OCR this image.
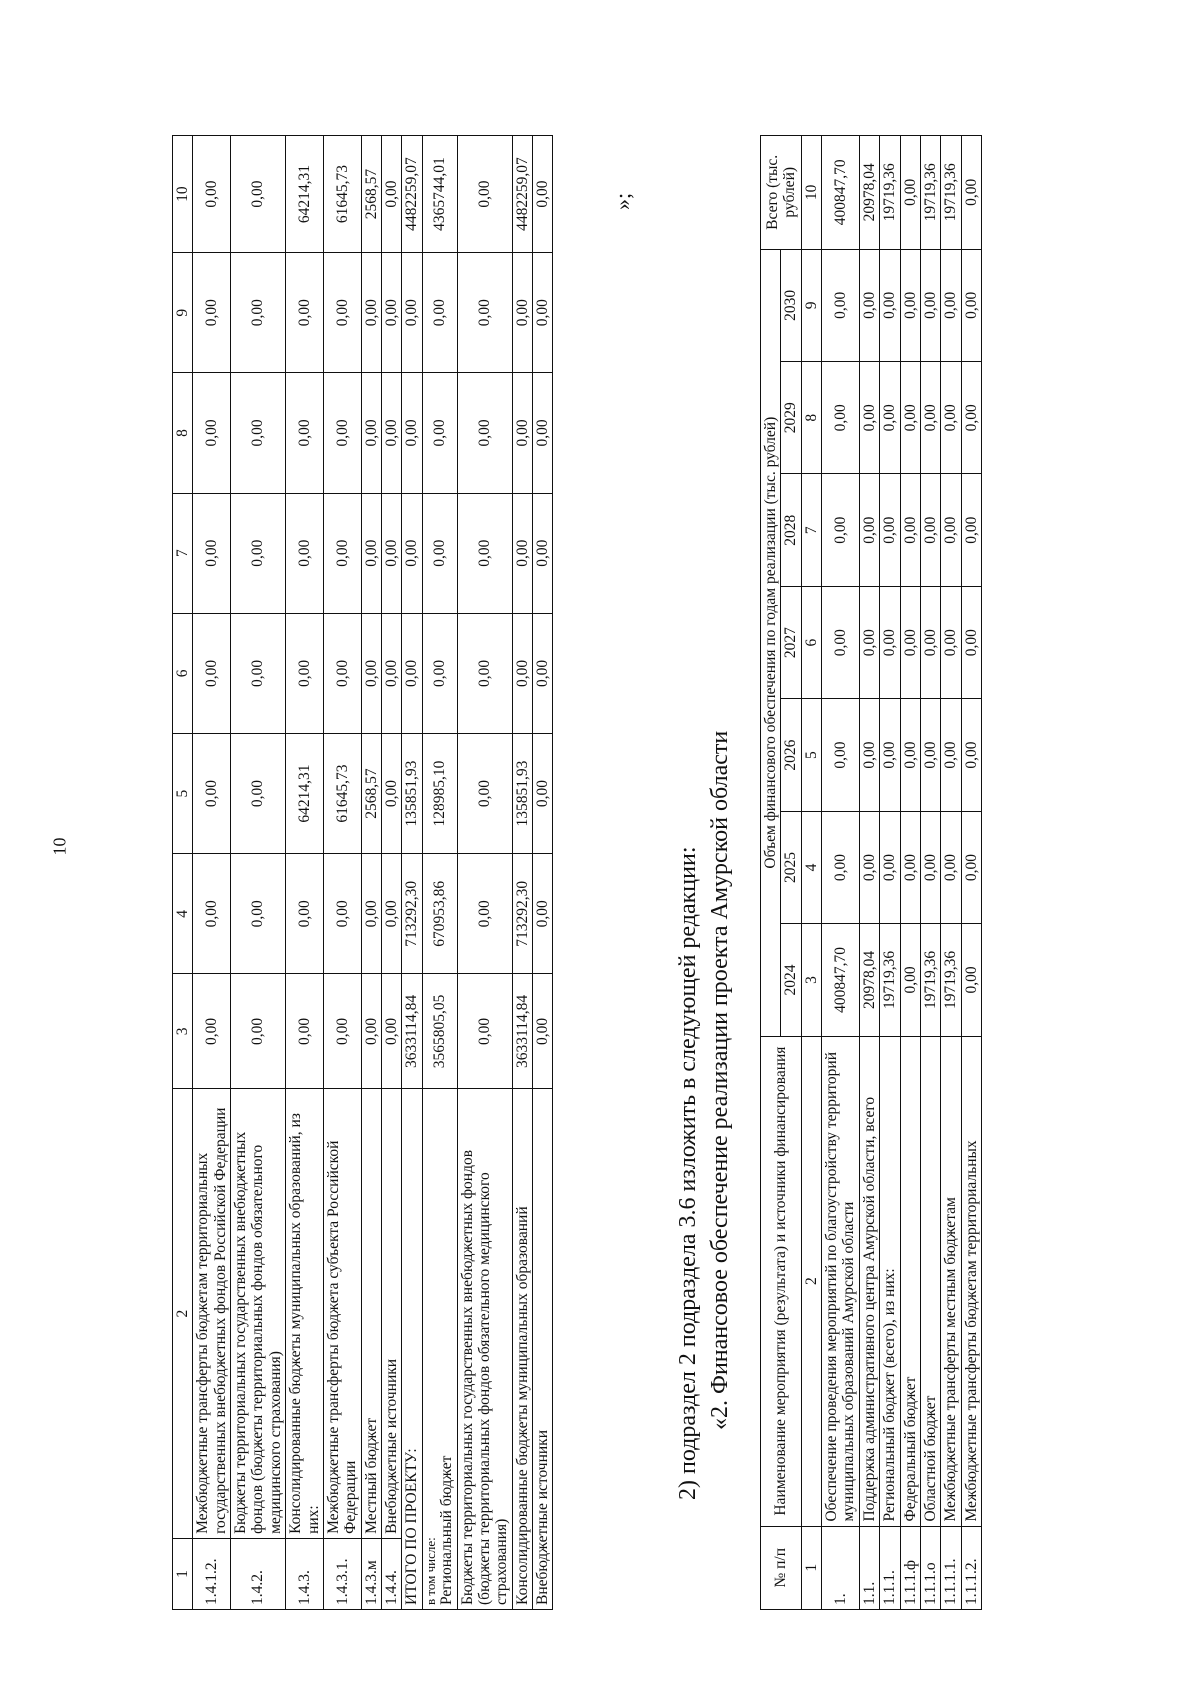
10
1	2	3	4	5	6	7	8	9	10
1.4.1.2.	Межбюджетные трансферты бюджетам территориальных государственных внебюджетных фондов Российской Федерации	0,00	0,00	0,00	0,00	0,00	0,00	0,00	0,00
1.4.2.	Бюджеты территориальных государственных внебюджетных фондов (бюджеты территориальных фондов обязательного медицинского страхования)	0,00	0,00	0,00	0,00	0,00	0,00	0,00	0,00
1.4.3.	Консолидированные бюджеты муниципальных образований, из них:	0,00	0,00	64214,31	0,00	0,00	0,00	0,00	64214,31
1.4.3.1.	Межбюджетные трансферты бюджета субъекта Российской Федерации	0,00	0,00	61645,73	0,00	0,00	0,00	0,00	61645,73
1.4.3.м	Местный бюджет	0,00	0,00	2568,57	0,00	0,00	0,00	0,00	2568,57
1.4.4.	Внебюджетные источники	0,00	0,00	0,00	0,00	0,00	0,00	0,00	0,00
ИТОГО ПО ПРОЕКТУ:		3633114,84	713292,30	135851,93	0,00	0,00	0,00	0,00	4482259,07

в том числе: Региональный бюджет		3565805,05	670953,86	128985,10	0,00	0,00	0,00	0,00	4365744,01
Бюджеты территориальных государственных внебюджетных фондов (бюджеты территориальных фондов обязательного медицинского страхования)		0,00	0,00	0,00	0,00	0,00	0,00	0,00	0,00
Консолидированные бюджеты муниципальных образований		3633114,84	713292,30	135851,93	0,00	0,00	0,00	0,00	4482259,07
Внебюджетные источники		0,00	0,00	0,00	0,00	0,00	0,00	0,00	0,00
2) подраздел 2 подраздела 3.6 изложить в следующей редакции: «2. Финансовое обеспечение реализации проекта Амурской области
»;
№ п/п	Наименование мероприятия (результата) и источники финансирования	Объем финансового обеспечения по годам реализации (тыс. рублей)							Всего (тыс. рублей)
		2024	2025	2026	2027	2028	2029	2030	
1	2	3	4	5	6	7	8	9	10
1.	Обеспечение проведения мероприятий по благоустройству территорий муниципальных образований Амурской области	400847,70	0,00	0,00	0,00	0,00	0,00	0,00	400847,70
1.1.	Поддержка административного центра Амурской области, всего	20978,04	0,00	0,00	0,00	0,00	0,00	0,00	20978,04
1.1.1.	Региональный бюджет (всего), из них:	19719,36	0,00	0,00	0,00	0,00	0,00	0,00	19719,36
1.1.1.ф	Федеральный бюджет	0,00	0,00	0,00	0,00	0,00	0,00	0,00	0,00
1.1.1.о	Областной бюджет	19719,36	0,00	0,00	0,00	0,00	0,00	0,00	19719,36
1.1.1.1.	Межбюджетные трансферты местным бюджетам	19719,36	0,00	0,00	0,00	0,00	0,00	0,00	19719,36
1.1.1.2.	Межбюджетные трансферты бюджетам территориальных	0,00	0,00	0,00	0,00	0,00	0,00	0,00	0,00
